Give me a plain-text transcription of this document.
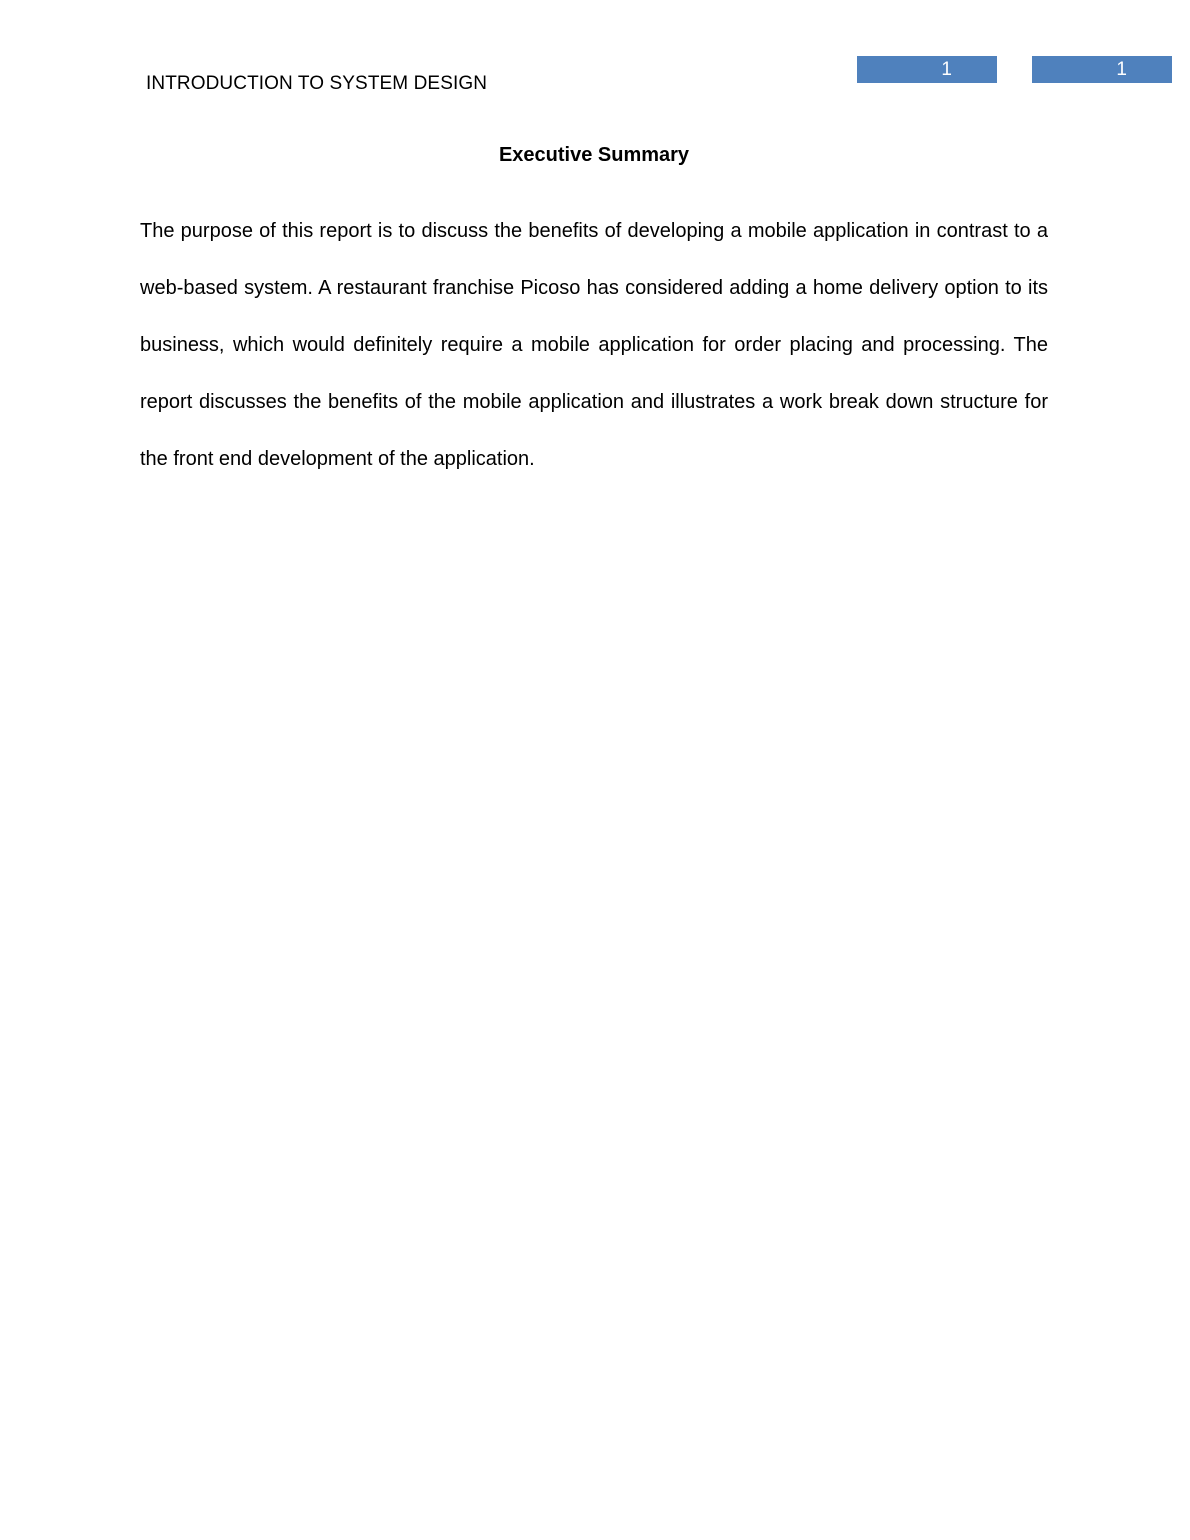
INTRODUCTION TO SYSTEM DESIGN
1	1
Executive Summary

The purpose of this report is to discuss the benefits of developing a mobile application in contrast to a web-based system. A restaurant franchise Picoso has considered adding a home delivery option to its business, which would definitely require a mobile application for order placing and processing. The report discusses the benefits of the mobile application and illustrates a work break down structure for the front end development of the application.
